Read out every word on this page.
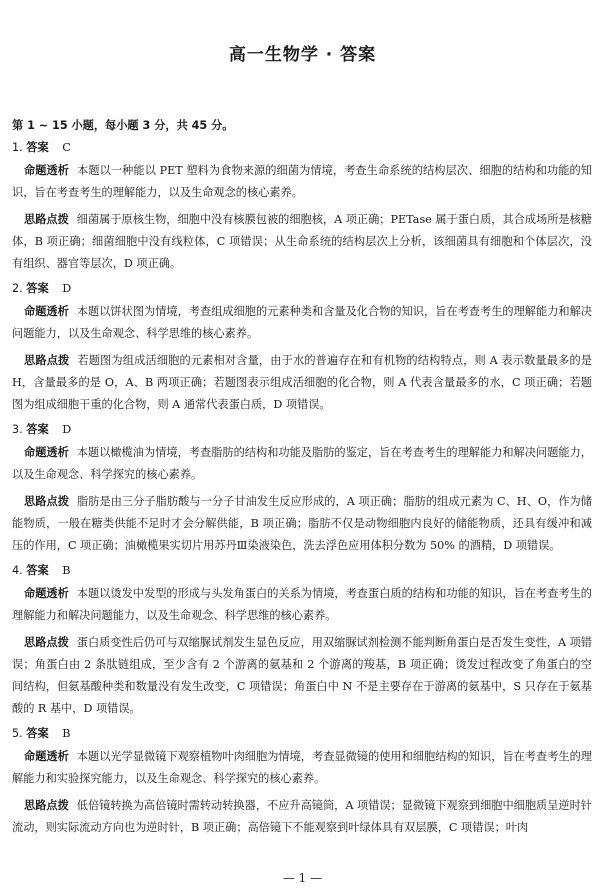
高一生物学 · 答案
第 1 ~ 15 小题，每小题 3 分，共 45 分。
1. 答案 C
命题透析 本题以一种能以 PET 塑料为食物来源的细菌为情境，考查生命系统的结构层次、细胞的结构和功能的知识，旨在考查考生的理解能力，以及生命观念的核心素养。
思路点拨 细菌属于原核生物，细胞中没有核膜包被的细胞核，A 项正确；PETase 属于蛋白质，其合成场所是核糖体，B 项正确；细菌细胞中没有线粒体，C 项错误；从生命系统的结构层次上分析，该细菌具有细胞和个体层次，没有组织、器官等层次，D 项正确。
2. 答案 D
命题透析 本题以饼状图为情境，考查组成细胞的元素种类和含量及化合物的知识，旨在考查考生的理解能力和解决问题能力，以及生命观念、科学思维的核心素养。
思路点拨 若题图为组成活细胞的元素相对含量，由于水的普遍存在和有机物的结构特点，则 A 表示数量最多的是 H，含量最多的是 O，A、B 两项正确；若题图表示组成活细胞的化合物，则 A 代表含量最多的水，C 项正确；若题图为组成细胞干重的化合物，则 A 通常代表蛋白质，D 项错误。
3. 答案 D
命题透析 本题以橄榄油为情境，考查脂肪的结构和功能及脂肪的鉴定，旨在考查考生的理解能力和解决问题能力，以及生命观念、科学探究的核心素养。
思路点拨 脂肪是由三分子脂肪酸与一分子甘油发生反应形成的，A 项正确；脂肪的组成元素为 C、H、O，作为储能物质，一般在糖类供能不足时才会分解供能，B 项正确；脂肪不仅是动物细胞内良好的储能物质，还具有缓冲和减压的作用，C 项正确；油橄榄果实切片用苏丹Ⅲ染液染色，洗去浮色应用体积分数为 50% 的酒精，D 项错误。
4. 答案 B
命题透析 本题以烫发中发型的形成与头发角蛋白的关系为情境，考查蛋白质的结构和功能的知识，旨在考查考生的理解能力和解决问题能力，以及生命观念、科学思维的核心素养。
思路点拨 蛋白质变性后仍可与双缩脲试剂发生显色反应，用双缩脲试剂检测不能判断角蛋白是否发生变性，A 项错误；角蛋白由 2 条肽链组成，至少含有 2 个游离的氨基和 2 个游离的羧基，B 项正确；烫发过程改变了角蛋白的空间结构，但氨基酸种类和数量没有发生改变，C 项错误；角蛋白中 N 不是主要存在于游离的氨基中，S 只存在于氨基酸的 R 基中，D 项错误。
5. 答案 B
命题透析 本题以光学显微镜下观察植物叶肉细胞为情境，考查显微镜的使用和细胞结构的知识，旨在考查考生的理解能力和实验探究能力，以及生命观念、科学探究的核心素养。
思路点拨 低倍镜转换为高倍镜时需转动转换器，不应升高镜筒，A 项错误；显微镜下观察到细胞中细胞质呈逆时针流动，则实际流动方向也为逆时针，B 项正确；高倍镜下不能观察到叶绿体具有双层膜，C 项错误；叶肉
— 1 —
